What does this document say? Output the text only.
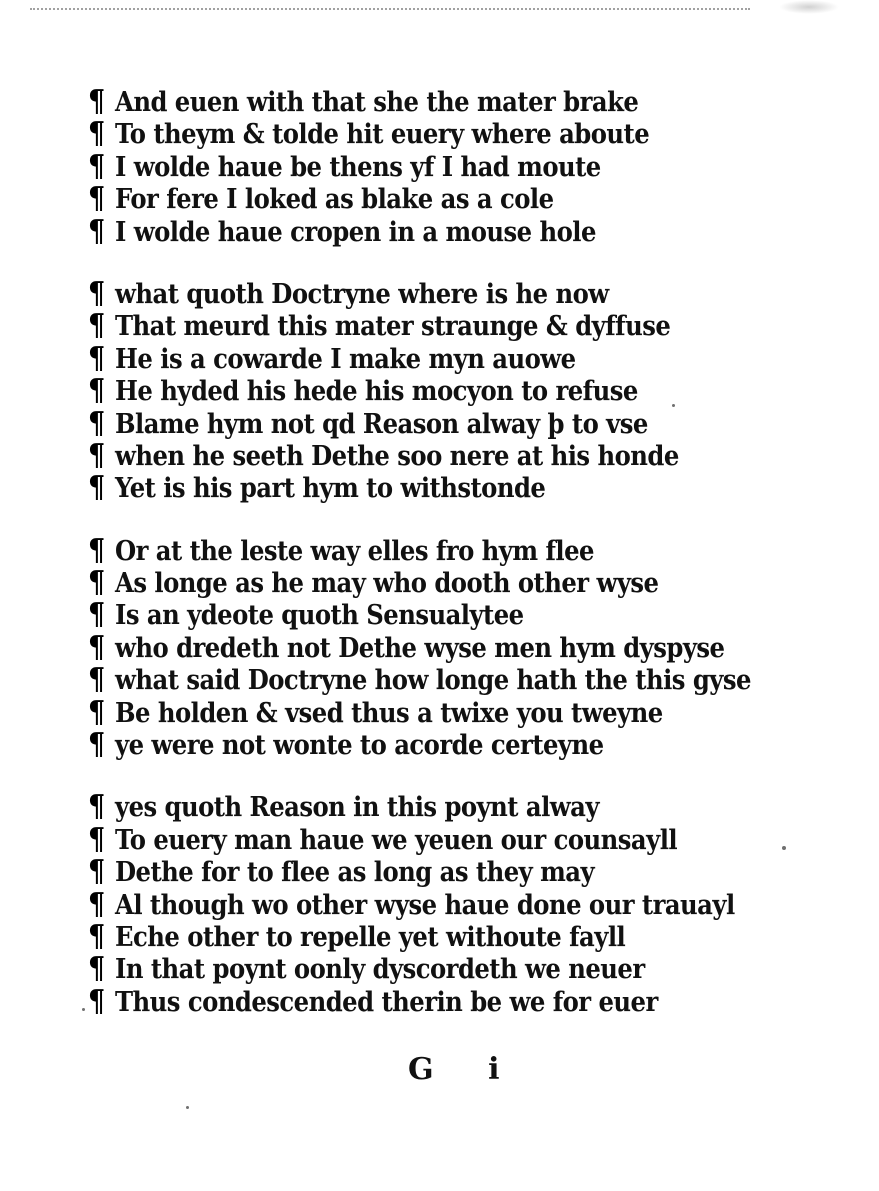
¶ And euen with that she the mater brake
¶ To theym & tolde hit euery where aboute
¶ I wolde haue be thens yf I had moute
¶ For fere I loked as blake as a cole
¶ I wolde haue cropen in a mouse hole
¶ what quoth Doctryne where is he now
¶ That meurd this mater straunge & dyffuse
¶ He is a cowarde I make myn auowe
¶ He hyded his hede his mocyon to refuse
¶ Blame hym not qd Reason alway þ to vse
¶ when he seeth Dethe soo nere at his honde
¶ Yet is his part hym to withstonde
¶ Or at the leste way elles fro hym flee
¶ As longe as he may who dooth other wyse
¶ Is an ydeote quoth Sensualytee
¶ who dredeth not Dethe wyse men hym dyspyse
¶ what said Doctryne how longe hath the this gyse
¶ Be holden & vsed thus a twixe you tweyne
¶ ye were not wonte to acorde certeyne
¶ yes quoth Reason in this poynt alway
¶ To euery man haue we yeuen our counsayll
¶ Dethe for to flee as long as they may
¶ Al though wo other wyse haue done our trauayl
¶ Eche other to repelle yet withoute fayll
¶ In that poynt oonly dyscordeth we neuer
¶ Thus condescended therin be we for euer
G i
